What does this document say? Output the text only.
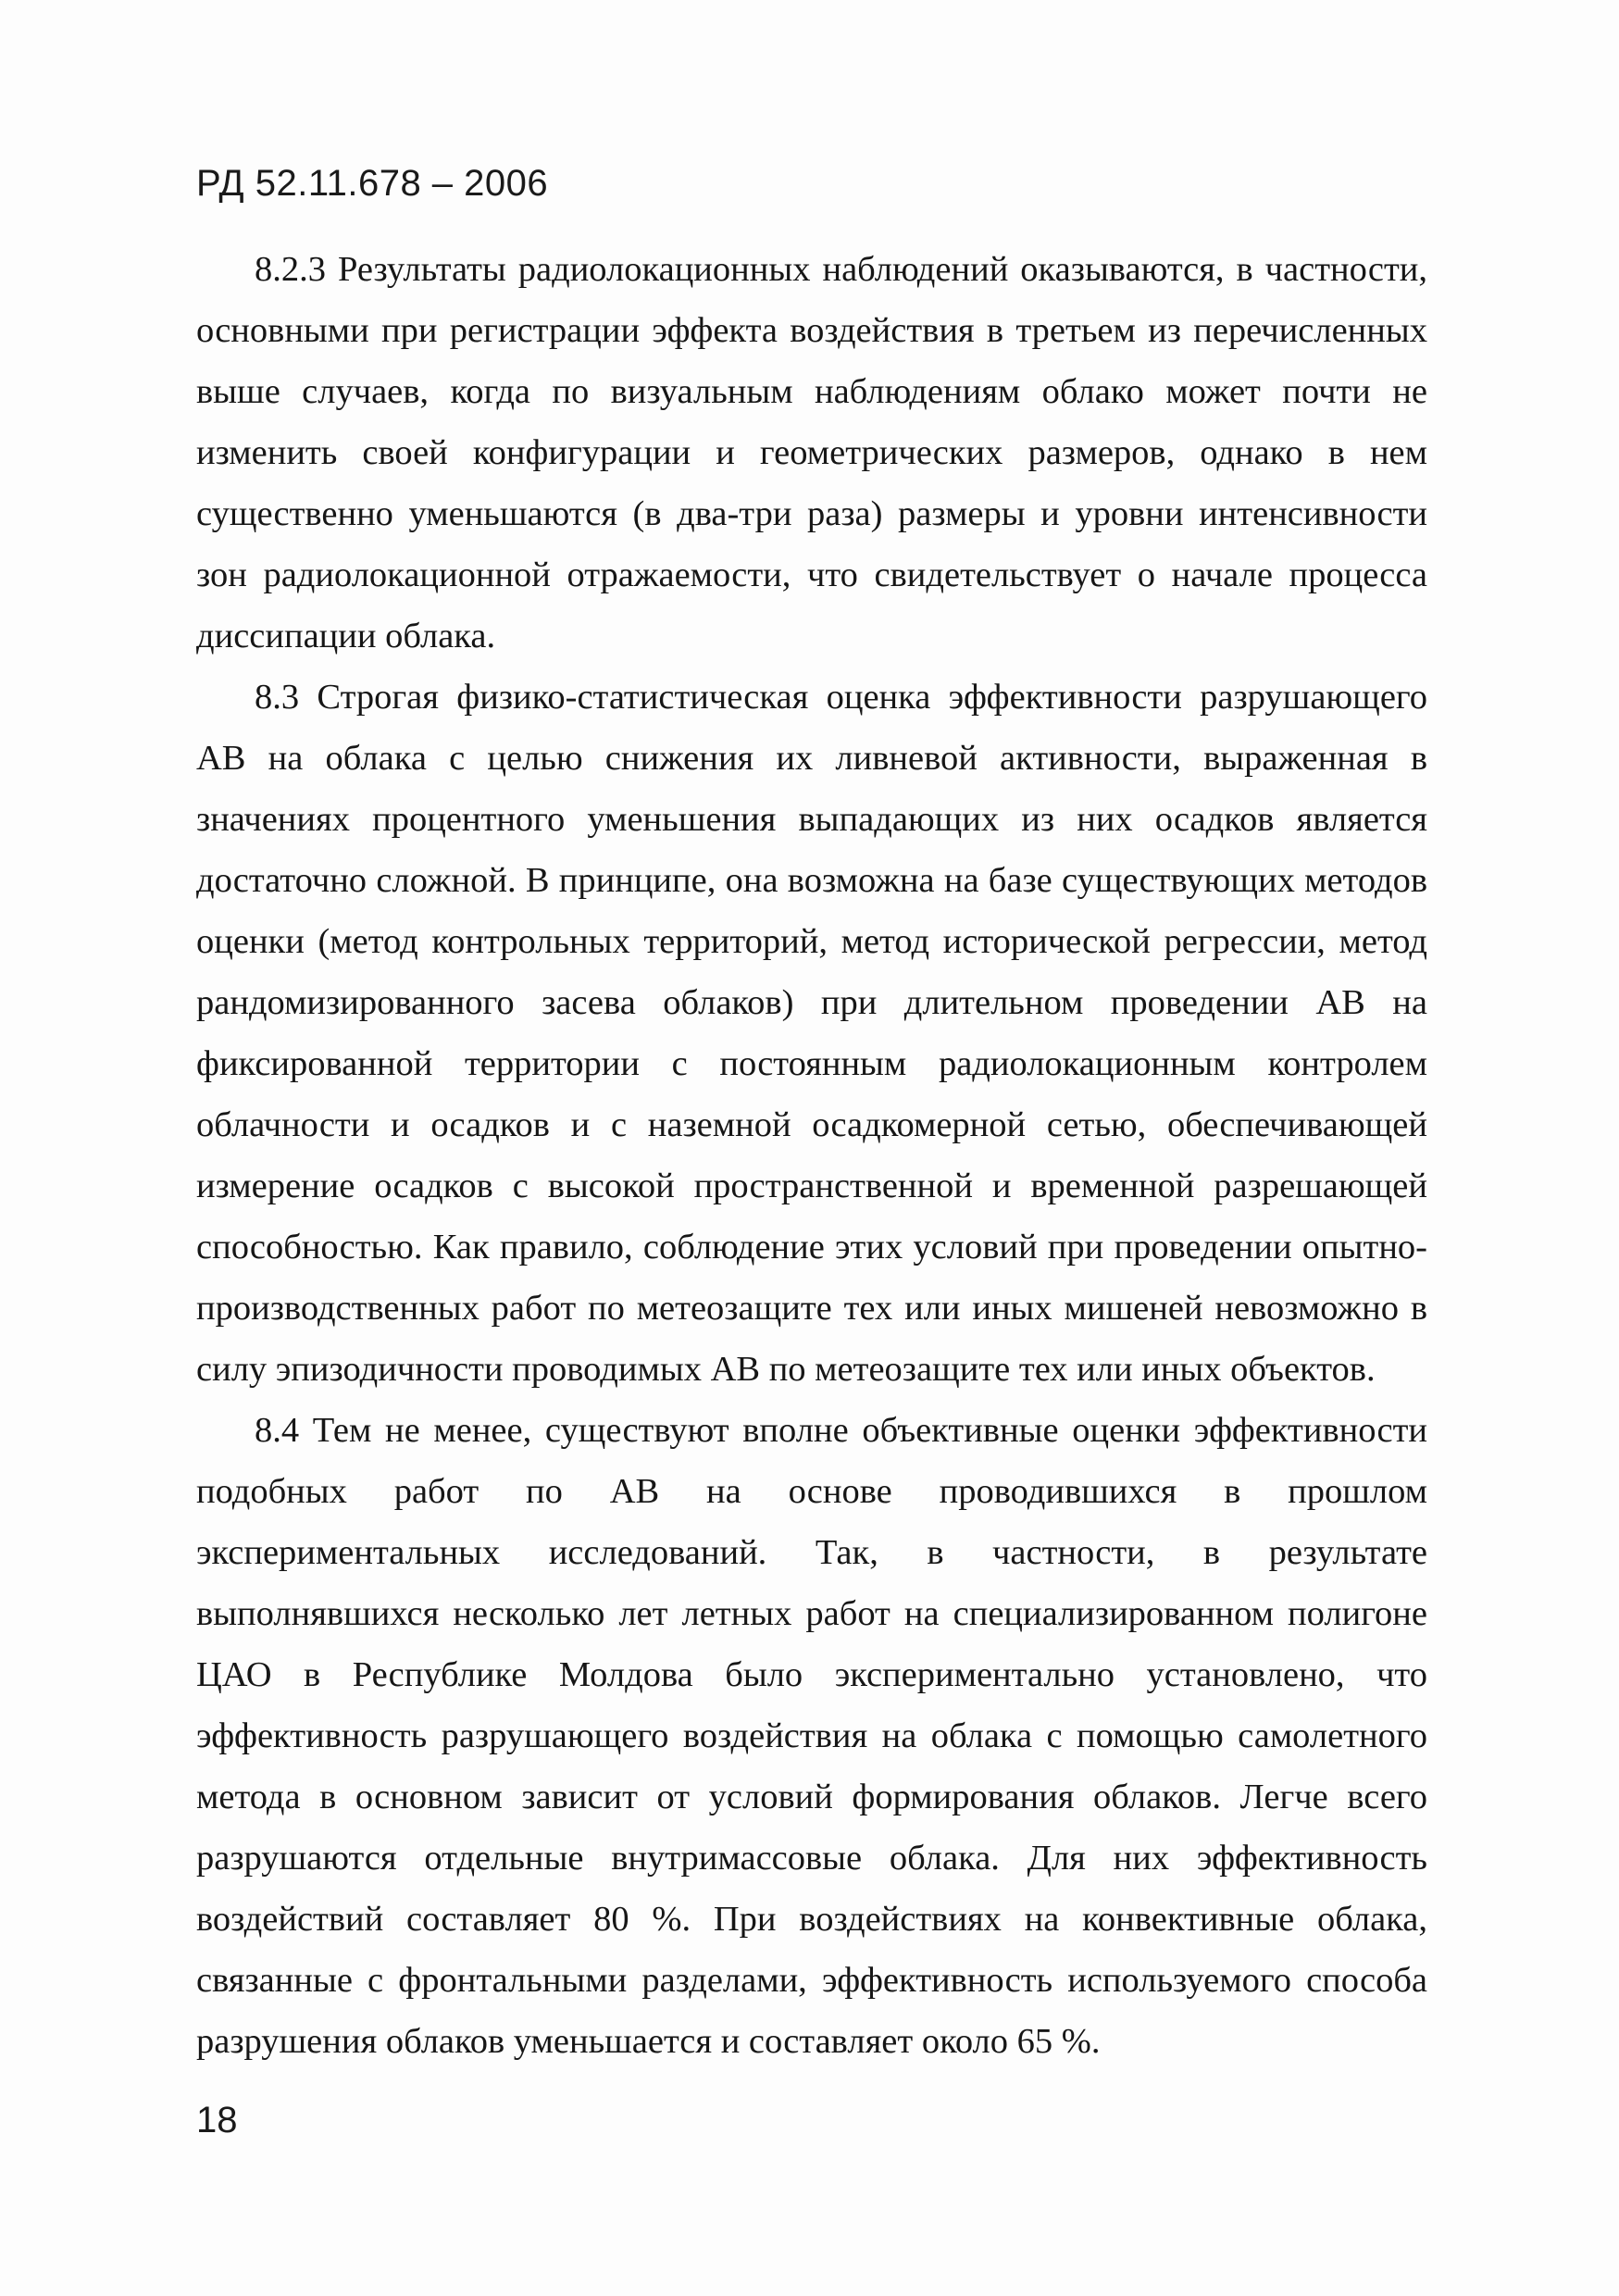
РД 52.11.678 – 2006

8.2.3 Результаты радиолокационных наблюдений оказываются, в частности, основными при регистрации эффекта воздействия в третьем из перечисленных выше случаев, когда по визуальным наблюдениям облако может почти не изменить своей конфигурации и геометрических размеров, однако в нем существенно уменьшаются (в два-три раза) размеры и уровни интенсивности зон радиолокационной отражаемости, что свидетельствует о начале процесса диссипации облака.

8.3 Строгая физико-статистическая оценка эффективности разрушающего АВ на облака с целью снижения их ливневой активности, выраженная в значениях процентного уменьшения выпадающих из них осадков является достаточно сложной. В принципе, она возможна на базе существующих методов оценки (метод контрольных территорий, метод исторической регрессии, метод рандомизированного засева облаков) при длительном проведении АВ на фиксированной территории с постоянным радиолокационным контролем облачности и осадков и с наземной осадкомерной сетью, обеспечивающей измерение осадков с высокой пространственной и временной разрешающей способностью. Как правило, соблюдение этих условий при проведении опытно-производственных работ по метеозащите тех или иных мишеней невозможно в силу эпизодичности проводимых АВ по метеозащите тех или иных объектов.

8.4 Тем не менее, существуют вполне объективные оценки эффективности подобных работ по АВ на основе проводившихся в прошлом экспериментальных исследований. Так, в частности, в результате выполнявшихся несколько лет летных работ на специализированном полигоне ЦАО в Республике Молдова было экспериментально установлено, что эффективность разрушающего воздействия на облака с помощью самолетного метода в основном зависит от условий формирования облаков. Легче всего разрушаются отдельные внутримассовые облака. Для них эффективность воздействий составляет 80 %. При воздействиях на конвективные облака, связанные с фронтальными разделами, эффективность используемого способа разрушения облаков уменьшается и составляет около 65 %.

18
